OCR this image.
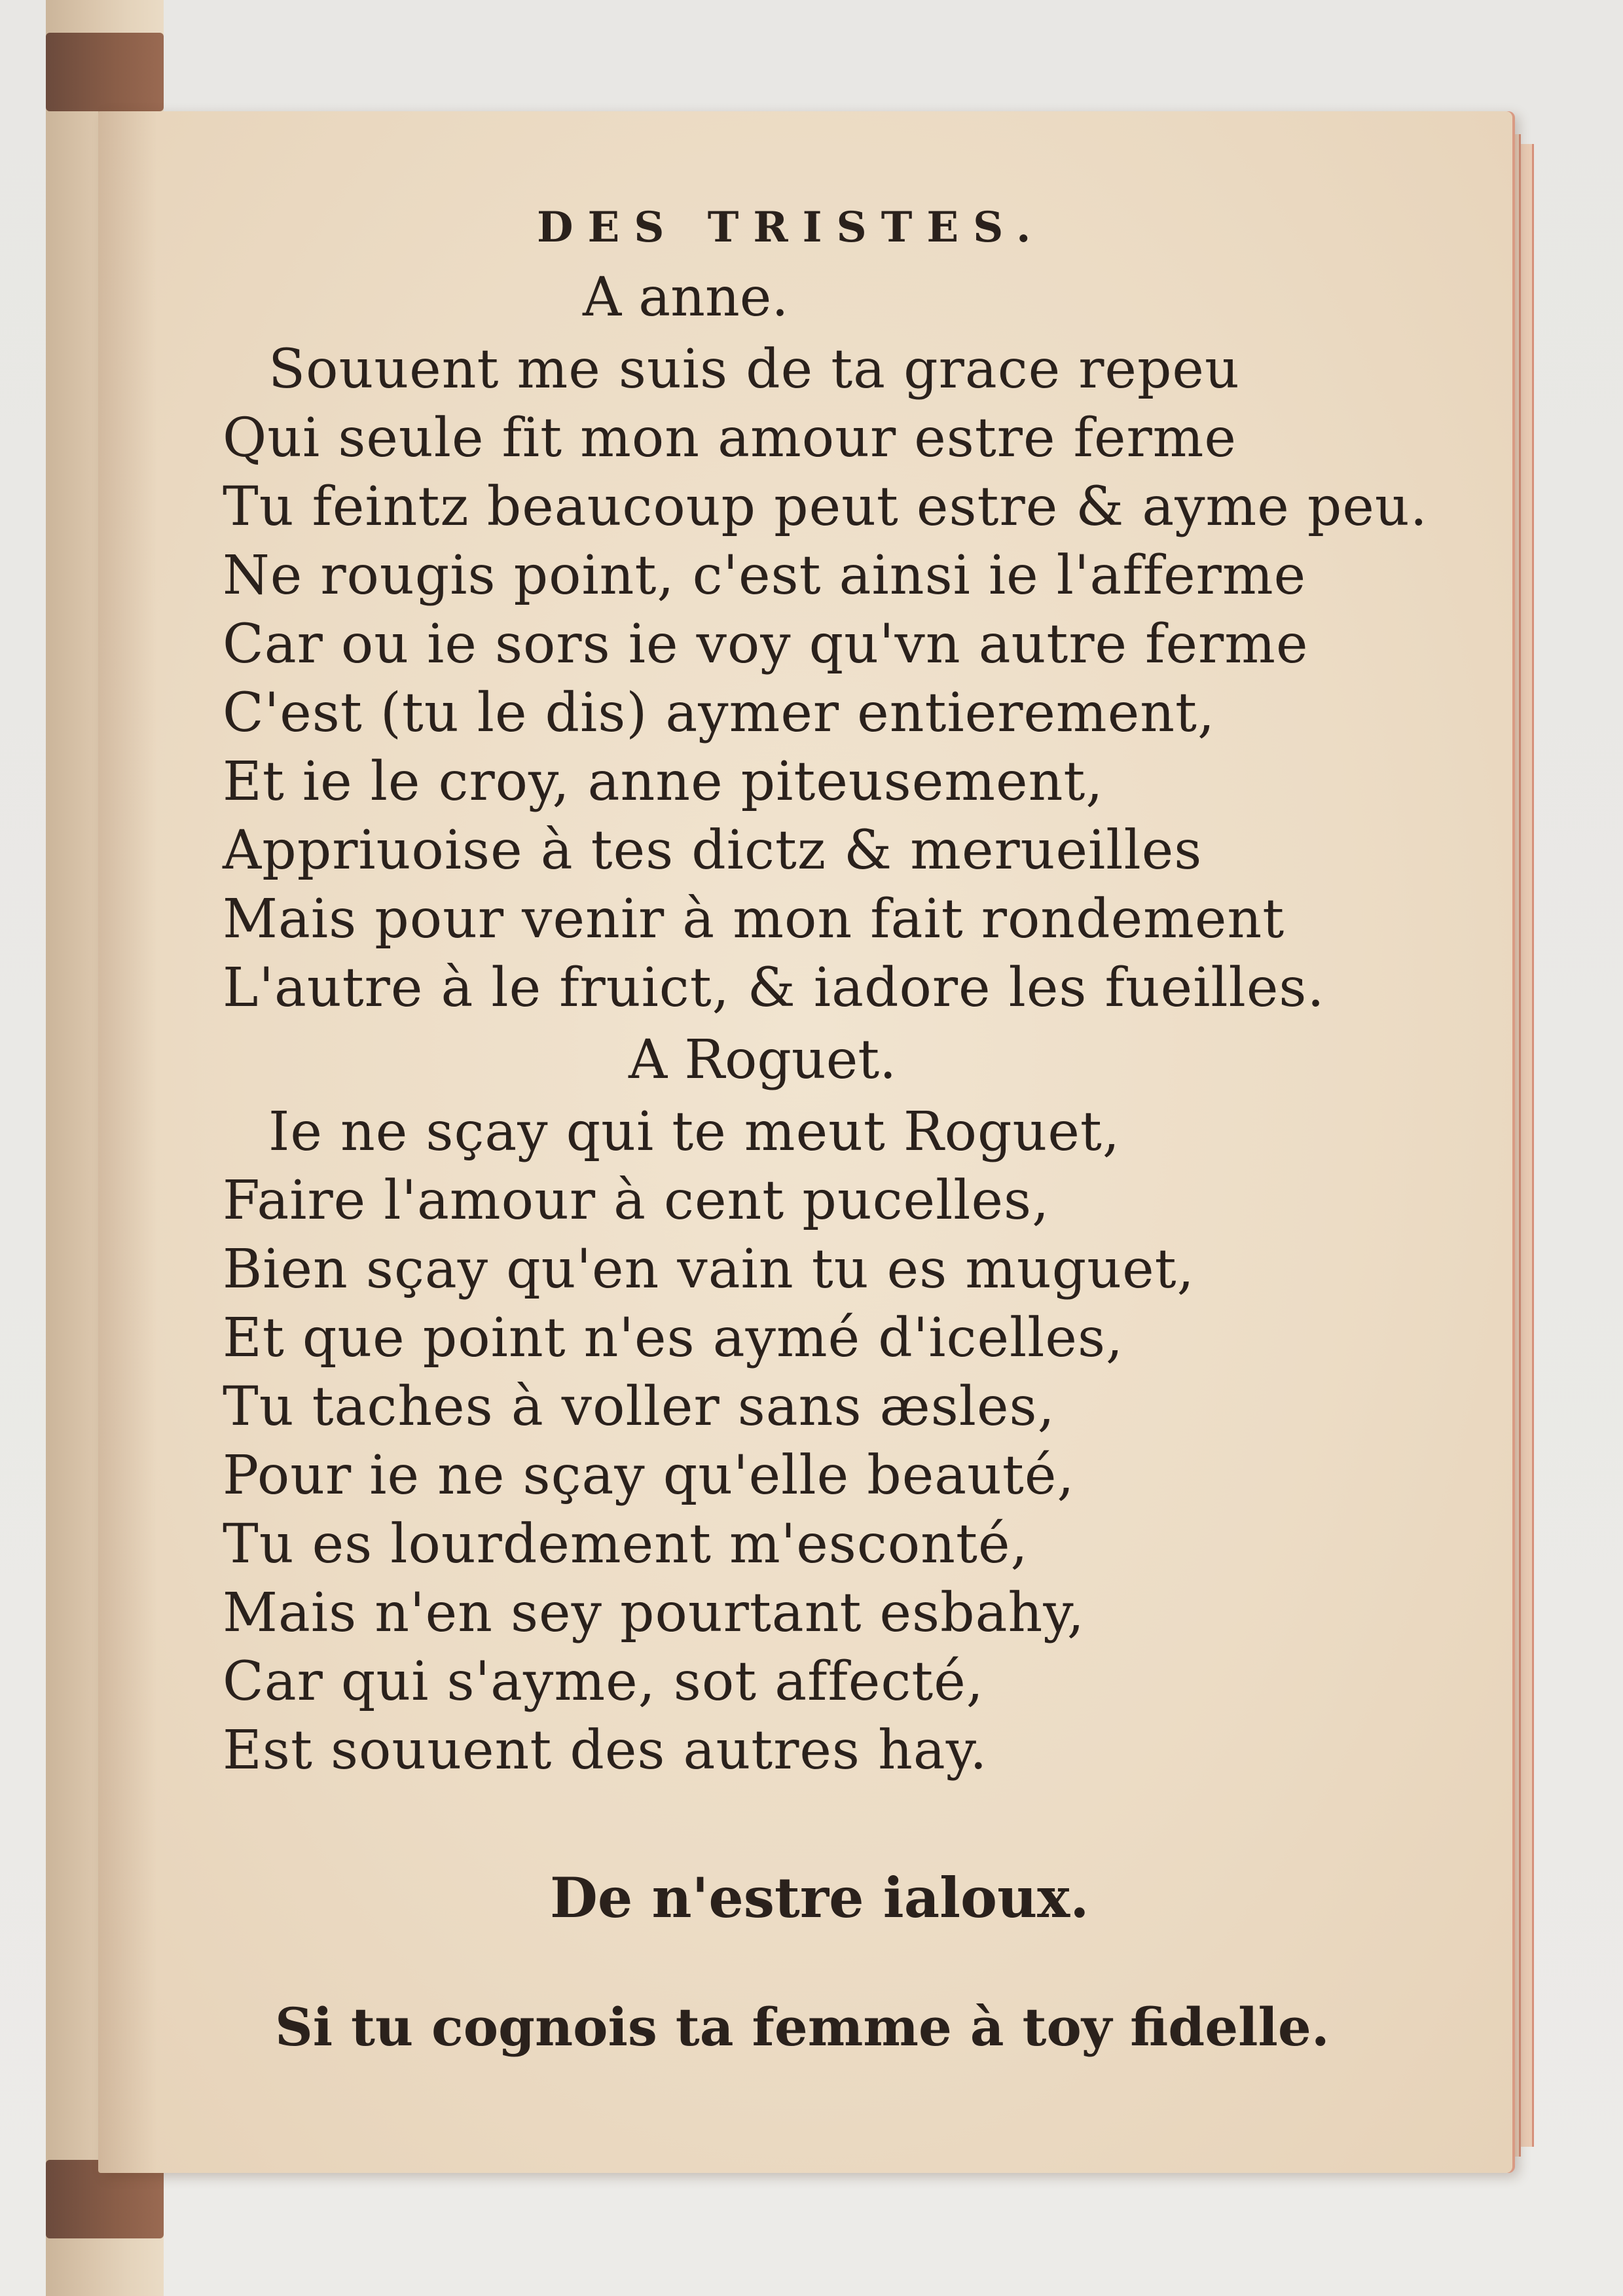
DES TRISTES.
A anne.
Souuent me suis de ta grace repeu
Qui seule fit mon amour estre ferme
Tu feintz beaucoup peut estre & ayme peu.
Ne rougis point, c'est ainsi ie l'afferme
Car ou ie sors ie voy qu'vn autre ferme
C'est (tu le dis) aymer entierement,
Et ie le croy, anne piteusement,
Appriuoise à tes dictz & merueilles
Mais pour venir à mon fait rondement
L'autre à le fruict, & iadore les fueilles.
A Roguet.
Ie ne sçay qui te meut Roguet,
Faire l'amour à cent pucelles,
Bien sçay qu'en vain tu es muguet,
Et que point n'es aymé d'icelles,
Tu taches à voller sans æsles,
Pour ie ne sçay qu'elle beauté,
Tu es lourdement m'esconté,
Mais n'en sey pourtant esbahy,
Car qui s'ayme, sot affecté,
Est souuent des autres hay.
De n'estre ialoux.
Si tu cognois ta femme à toy fidelle.
